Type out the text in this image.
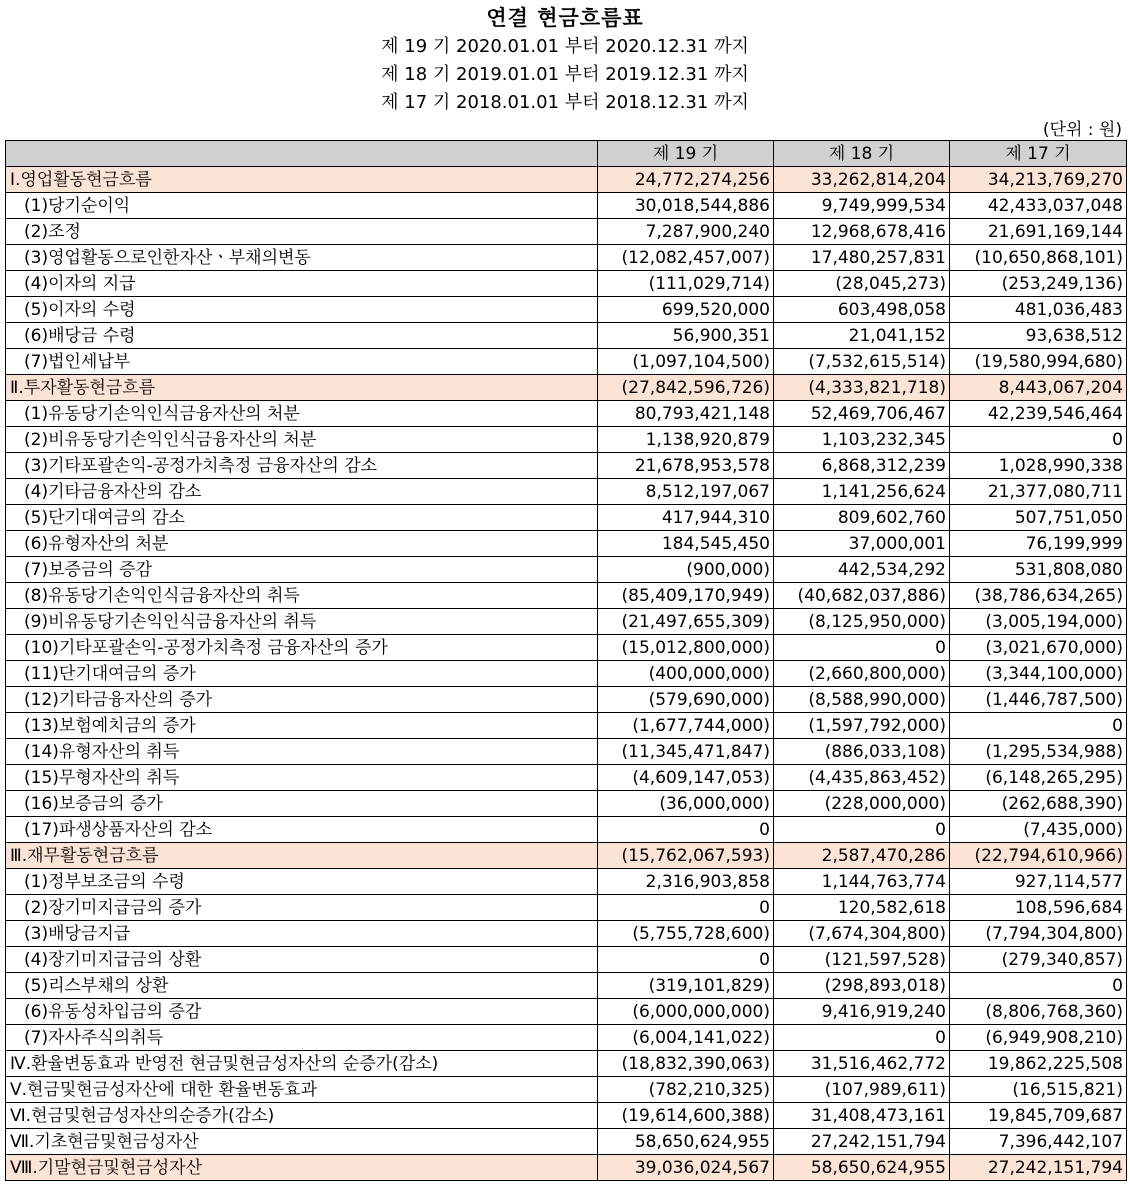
연결 현금흐름표
제 19 기 2020.01.01 부터 2020.12.31 까지
제 18 기 2019.01.01 부터 2019.12.31 까지
제 17 기 2018.01.01 부터 2018.12.31 까지
(단위 : 원)
	제 19 기	제 18 기	제 17 기
Ⅰ.영업활동현금흐름	24,772,274,256	33,262,814,204	34,213,769,270
(1)당기순이익	30,018,544,886	9,749,999,534	42,433,037,048
(2)조정	7,287,900,240	12,968,678,416	21,691,169,144
(3)영업활동으로인한자산ㆍ부채의변동	(12,082,457,007)	17,480,257,831	(10,650,868,101)
(4)이자의 지급	(111,029,714)	(28,045,273)	(253,249,136)
(5)이자의 수령	699,520,000	603,498,058	481,036,483
(6)배당금 수령	56,900,351	21,041,152	93,638,512
(7)법인세납부	(1,097,104,500)	(7,532,615,514)	(19,580,994,680)
Ⅱ.투자활동현금흐름	(27,842,596,726)	(4,333,821,718)	8,443,067,204
(1)유동당기손익인식금융자산의 처분	80,793,421,148	52,469,706,467	42,239,546,464
(2)비유동당기손익인식금융자산의 처분	1,138,920,879	1,103,232,345	0
(3)기타포괄손익-공정가치측정 금융자산의 감소	21,678,953,578	6,868,312,239	1,028,990,338
(4)기타금융자산의 감소	8,512,197,067	1,141,256,624	21,377,080,711
(5)단기대여금의 감소	417,944,310	809,602,760	507,751,050
(6)유형자산의 처분	184,545,450	37,000,001	76,199,999
(7)보증금의 증감	(900,000)	442,534,292	531,808,080
(8)유동당기손익인식금융자산의 취득	(85,409,170,949)	(40,682,037,886)	(38,786,634,265)
(9)비유동당기손익인식금융자산의 취득	(21,497,655,309)	(8,125,950,000)	(3,005,194,000)
(10)기타포괄손익-공정가치측정 금융자산의 증가	(15,012,800,000)	0	(3,021,670,000)
(11)단기대여금의 증가	(400,000,000)	(2,660,800,000)	(3,344,100,000)
(12)기타금융자산의 증가	(579,690,000)	(8,588,990,000)	(1,446,787,500)
(13)보험예치금의 증가	(1,677,744,000)	(1,597,792,000)	0
(14)유형자산의 취득	(11,345,471,847)	(886,033,108)	(1,295,534,988)
(15)무형자산의 취득	(4,609,147,053)	(4,435,863,452)	(6,148,265,295)
(16)보증금의 증가	(36,000,000)	(228,000,000)	(262,688,390)
(17)파생상품자산의 감소	0	0	(7,435,000)
Ⅲ.재무활동현금흐름	(15,762,067,593)	2,587,470,286	(22,794,610,966)
(1)정부보조금의 수령	2,316,903,858	1,144,763,774	927,114,577
(2)장기미지급금의 증가	0	120,582,618	108,596,684
(3)배당금지급	(5,755,728,600)	(7,674,304,800)	(7,794,304,800)
(4)장기미지급금의 상환	0	(121,597,528)	(279,340,857)
(5)리스부채의 상환	(319,101,829)	(298,893,018)	0
(6)유동성차입금의 증감	(6,000,000,000)	9,416,919,240	(8,806,768,360)
(7)자사주식의취득	(6,004,141,022)	0	(6,949,908,210)
Ⅳ.환율변동효과 반영전 현금및현금성자산의 순증가(감소)	(18,832,390,063)	31,516,462,772	19,862,225,508
Ⅴ.현금및현금성자산에 대한 환율변동효과	(782,210,325)	(107,989,611)	(16,515,821)
Ⅵ.현금및현금성자산의순증가(감소)	(19,614,600,388)	31,408,473,161	19,845,709,687
Ⅶ.기초현금및현금성자산	58,650,624,955	27,242,151,794	7,396,442,107
Ⅷ.기말현금및현금성자산	39,036,024,567	58,650,624,955	27,242,151,794
